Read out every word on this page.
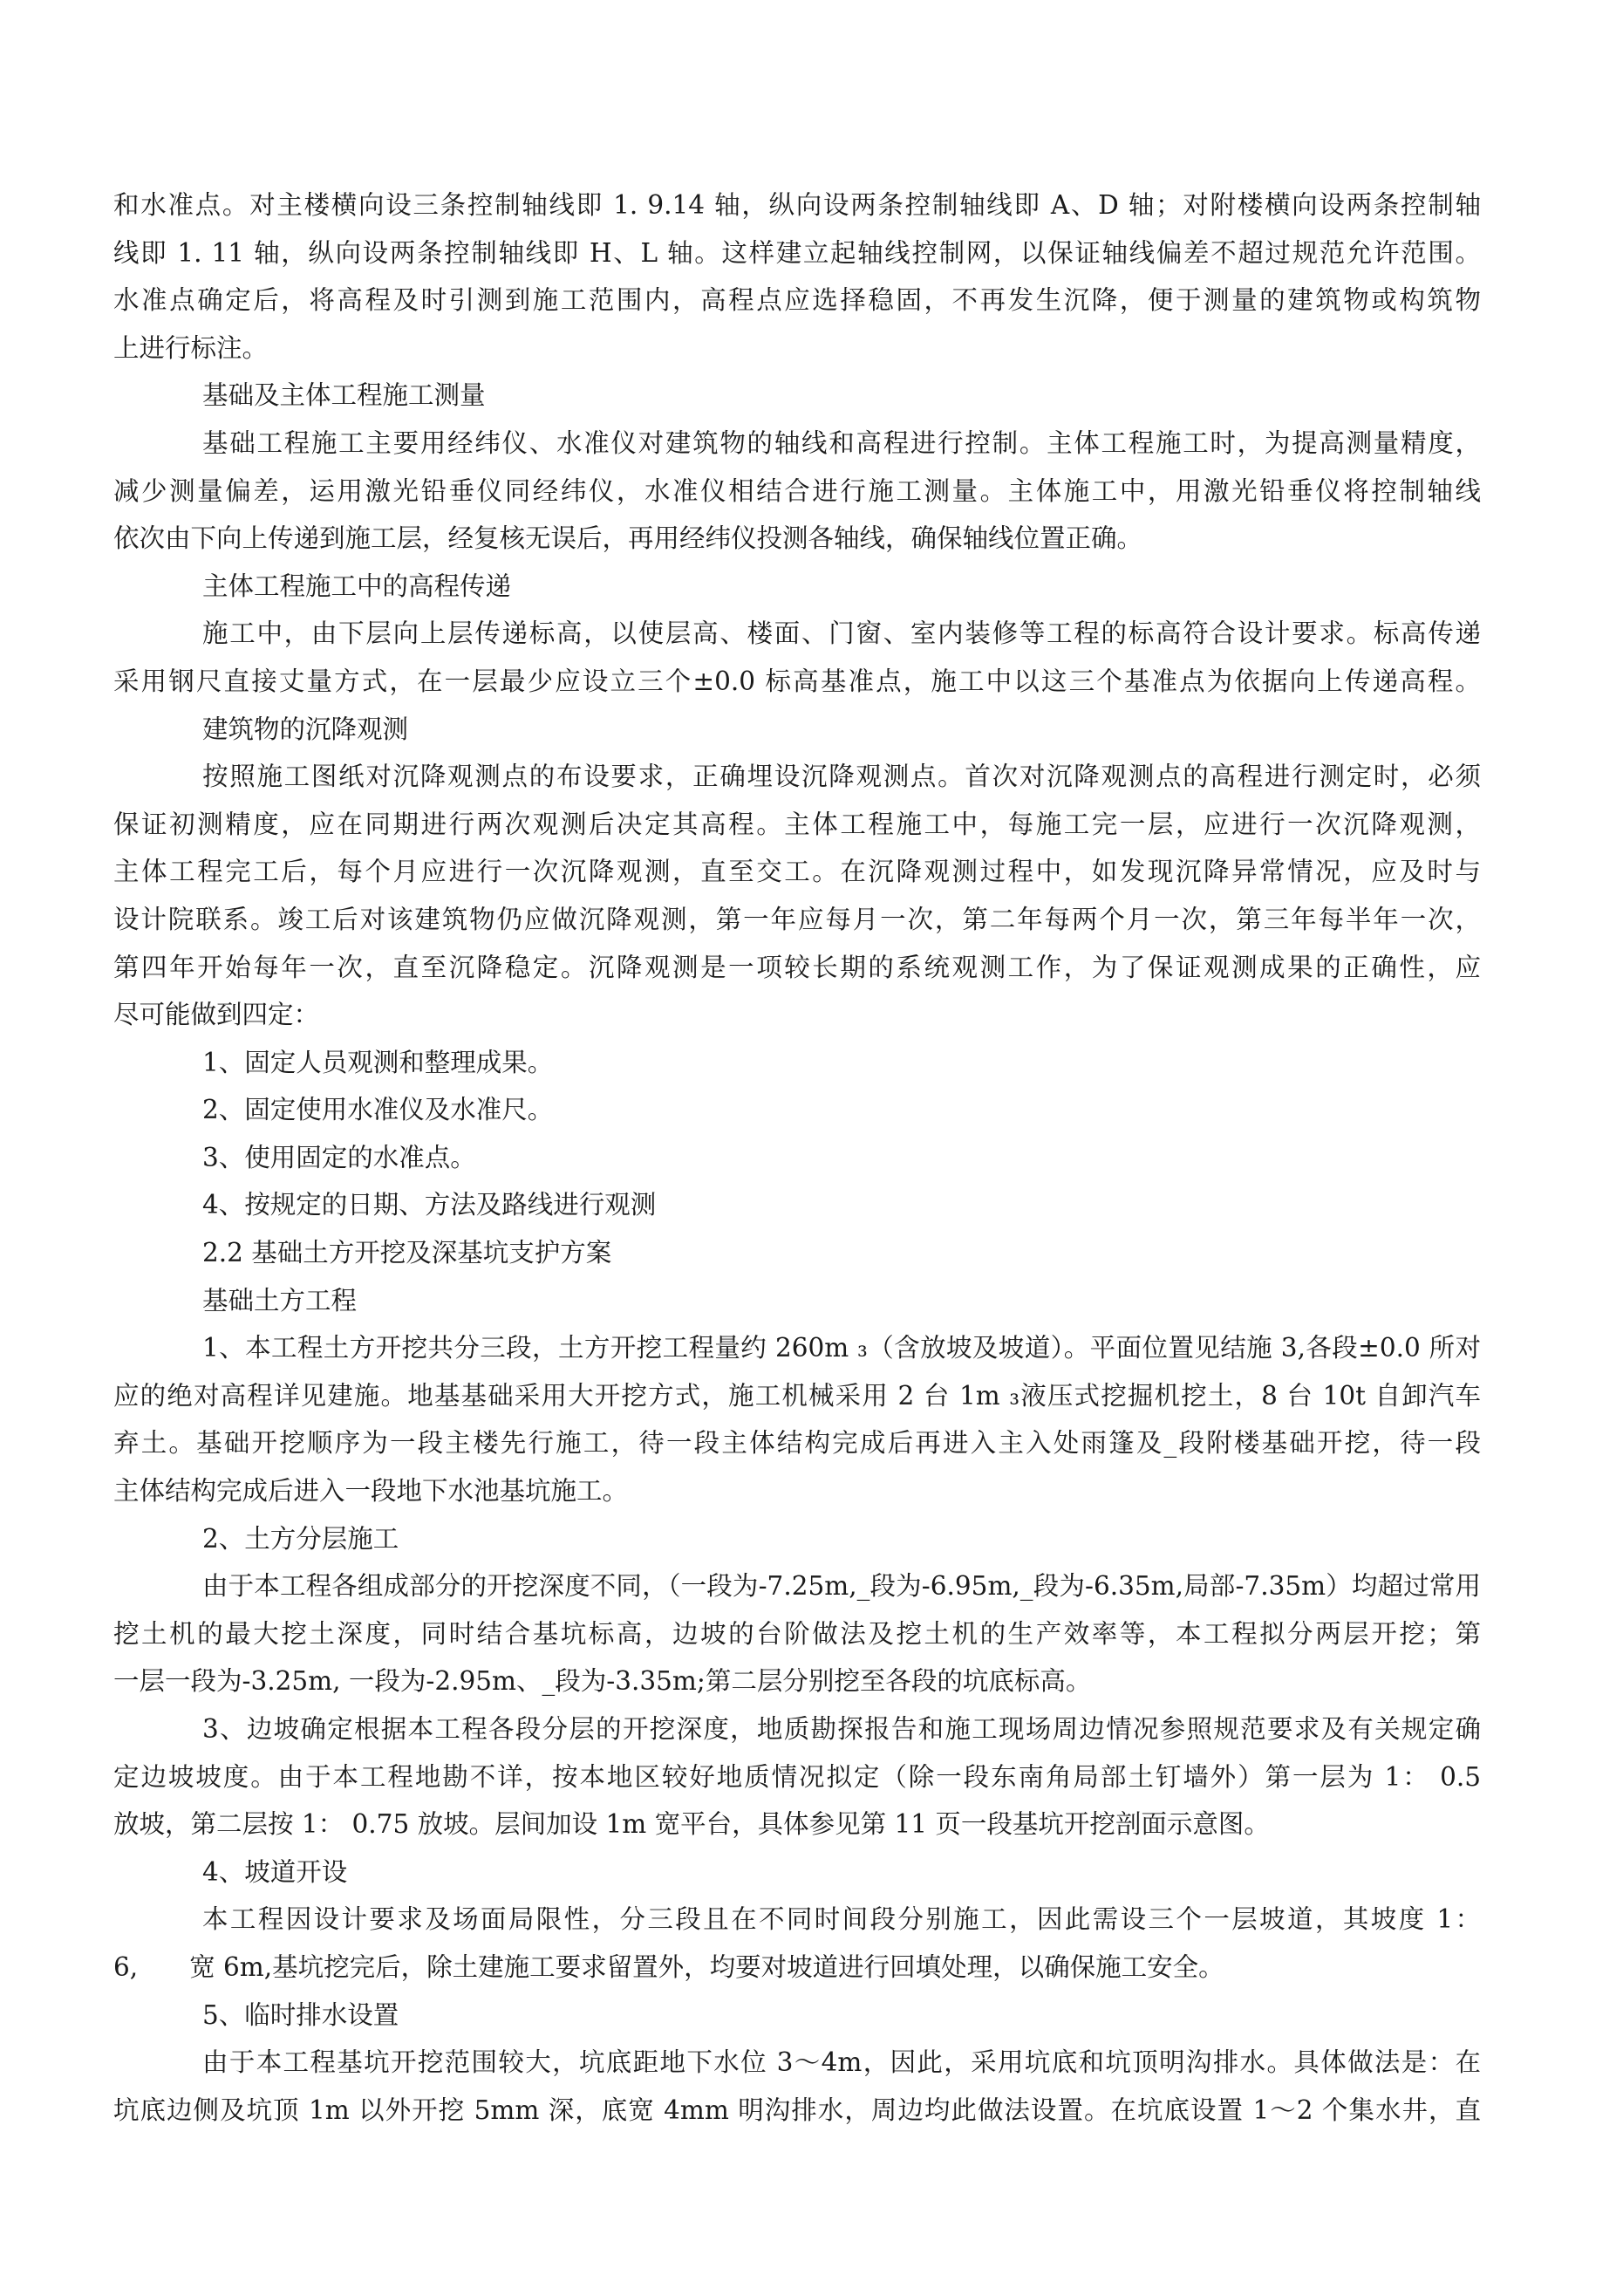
和水准点。对主楼横向设三条控制轴线即 1. 9.14 轴，纵向设两条控制轴线即 A、D 轴；对附楼横向设两条控制轴
线即 1. 11 轴，纵向设两条控制轴线即 H、L 轴。这样建立起轴线控制网，以保证轴线偏差不超过规范允许范围。
水准点确定后，将高程及时引测到施工范围内，高程点应选择稳固，不再发生沉降，便于测量的建筑物或构筑物
上进行标注。
基础及主体工程施工测量
基础工程施工主要用经纬仪、水准仪对建筑物的轴线和高程进行控制。主体工程施工时，为提高测量精度，
减少测量偏差，运用激光铅垂仪同经纬仪，水准仪相结合进行施工测量。主体施工中，用激光铅垂仪将控制轴线
依次由下向上传递到施工层，经复核无误后，再用经纬仪投测各轴线，确保轴线位置正确。
主体工程施工中的高程传递
施工中，由下层向上层传递标高，以使层高、楼面、门窗、室内装修等工程的标高符合设计要求。标高传递
采用钢尺直接丈量方式，在一层最少应设立三个±0.0 标高基准点，施工中以这三个基准点为依据向上传递高程。
建筑物的沉降观测
按照施工图纸对沉降观测点的布设要求，正确埋设沉降观测点。首次对沉降观测点的高程进行测定时，必须
保证初测精度，应在同期进行两次观测后决定其高程。主体工程施工中，每施工完一层，应进行一次沉降观测，
主体工程完工后，每个月应进行一次沉降观测，直至交工。在沉降观测过程中，如发现沉降异常情况，应及时与
设计院联系。竣工后对该建筑物仍应做沉降观测，第一年应每月一次，第二年每两个月一次，第三年每半年一次，
第四年开始每年一次，直至沉降稳定。沉降观测是一项较长期的系统观测工作，为了保证观测成果的正确性，应
尽可能做到四定：
1、固定人员观测和整理成果。
2、固定使用水准仪及水准尺。
3、使用固定的水准点。
4、按规定的日期、方法及路线进行观测
2.2 基础土方开挖及深基坑支护方案
基础土方工程
1、本工程土方开挖共分三段，土方开挖工程量约 260m ₃（含放坡及坡道）。平面位置见结施 3,各段±0.0 所对
应的绝对高程详见建施。地基基础采用大开挖方式，施工机械采用 2 台 1m ₃液压式挖掘机挖土，8 台 10t 自卸汽车
弃土。基础开挖顺序为一段主楼先行施工，待一段主体结构完成后再进入主入处雨篷及_段附楼基础开挖，待一段
主体结构完成后进入一段地下水池基坑施工。
2、土方分层施工
由于本工程各组成部分的开挖深度不同，（一段为-7.25m,_段为-6.95m,_段为-6.35m,局部-7.35m）均超过常用
挖土机的最大挖土深度，同时结合基坑标高，边坡的台阶做法及挖土机的生产效率等，本工程拟分两层开挖；第
一层一段为-3.25m, 一段为-2.95m、_段为-3.35m;第二层分别挖至各段的坑底标高。
3、边坡确定根据本工程各段分层的开挖深度，地质勘探报告和施工现场周边情况参照规范要求及有关规定确
定边坡坡度。由于本工程地勘不详，按本地区较好地质情况拟定（除一段东南角局部土钉墙外）第一层为 1： 0.5
放坡，第二层按 1： 0.75 放坡。层间加设 1m 宽平台，具体参见第 11 页一段基坑开挖剖面示意图。
4、坡道开设
本工程因设计要求及场面局限性，分三段且在不同时间段分别施工，因此需设三个一层坡道，其坡度 1：
6,　　宽 6m,基坑挖完后，除土建施工要求留置外，均要对坡道进行回填处理，以确保施工安全。
5、临时排水设置
由于本工程基坑开挖范围较大，坑底距地下水位 3〜4m，因此，采用坑底和坑顶明沟排水。具体做法是：在
坑底边侧及坑顶 1m 以外开挖 5mm 深，底宽 4mm 明沟排水，周边均此做法设置。在坑底设置 1〜2 个集水井，直
